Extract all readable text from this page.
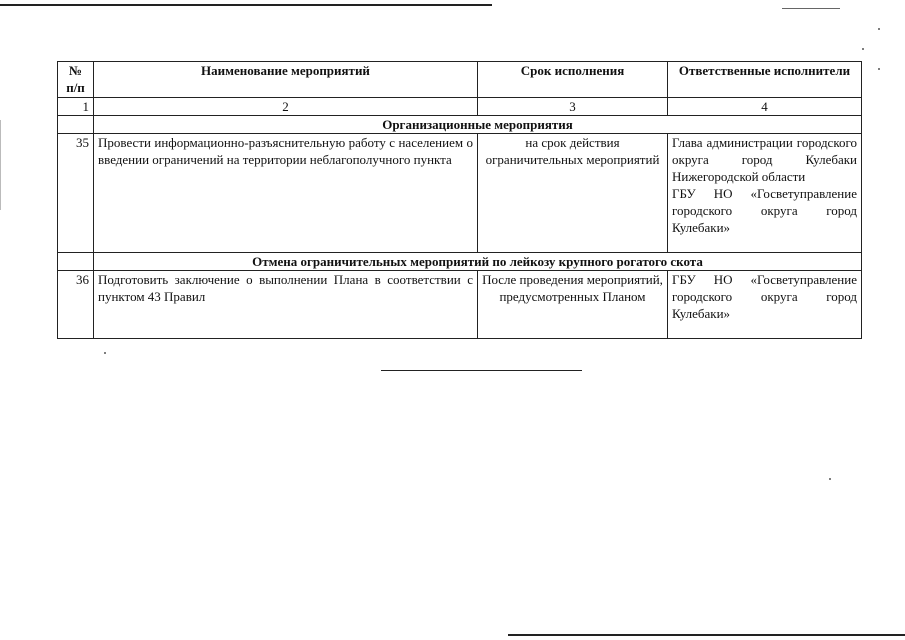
№ п/п	Наименование мероприятий	Срок исполнения	Ответственные исполнители
1	2	3	4
	Организационные мероприятия		
35	Провести информационно-разъяснительную работу с населением о введении ограничений на территории неблагополучного пункта	на срок действия ограничительных мероприятий	Глава администрации городского округа город Кулебаки Нижегородской области
ГБУ НО «Госветуправление городского округа город Кулебаки»

	Отмена ограничительных мероприятий по лейкозу крупного рогатого скота		
36	Подготовить заключение о выполнении Плана в соответствии с пунктом 43 Правил	После проведения мероприятий, предусмотренных Планом	ГБУ НО «Госветуправление городского округа город Кулебаки»
